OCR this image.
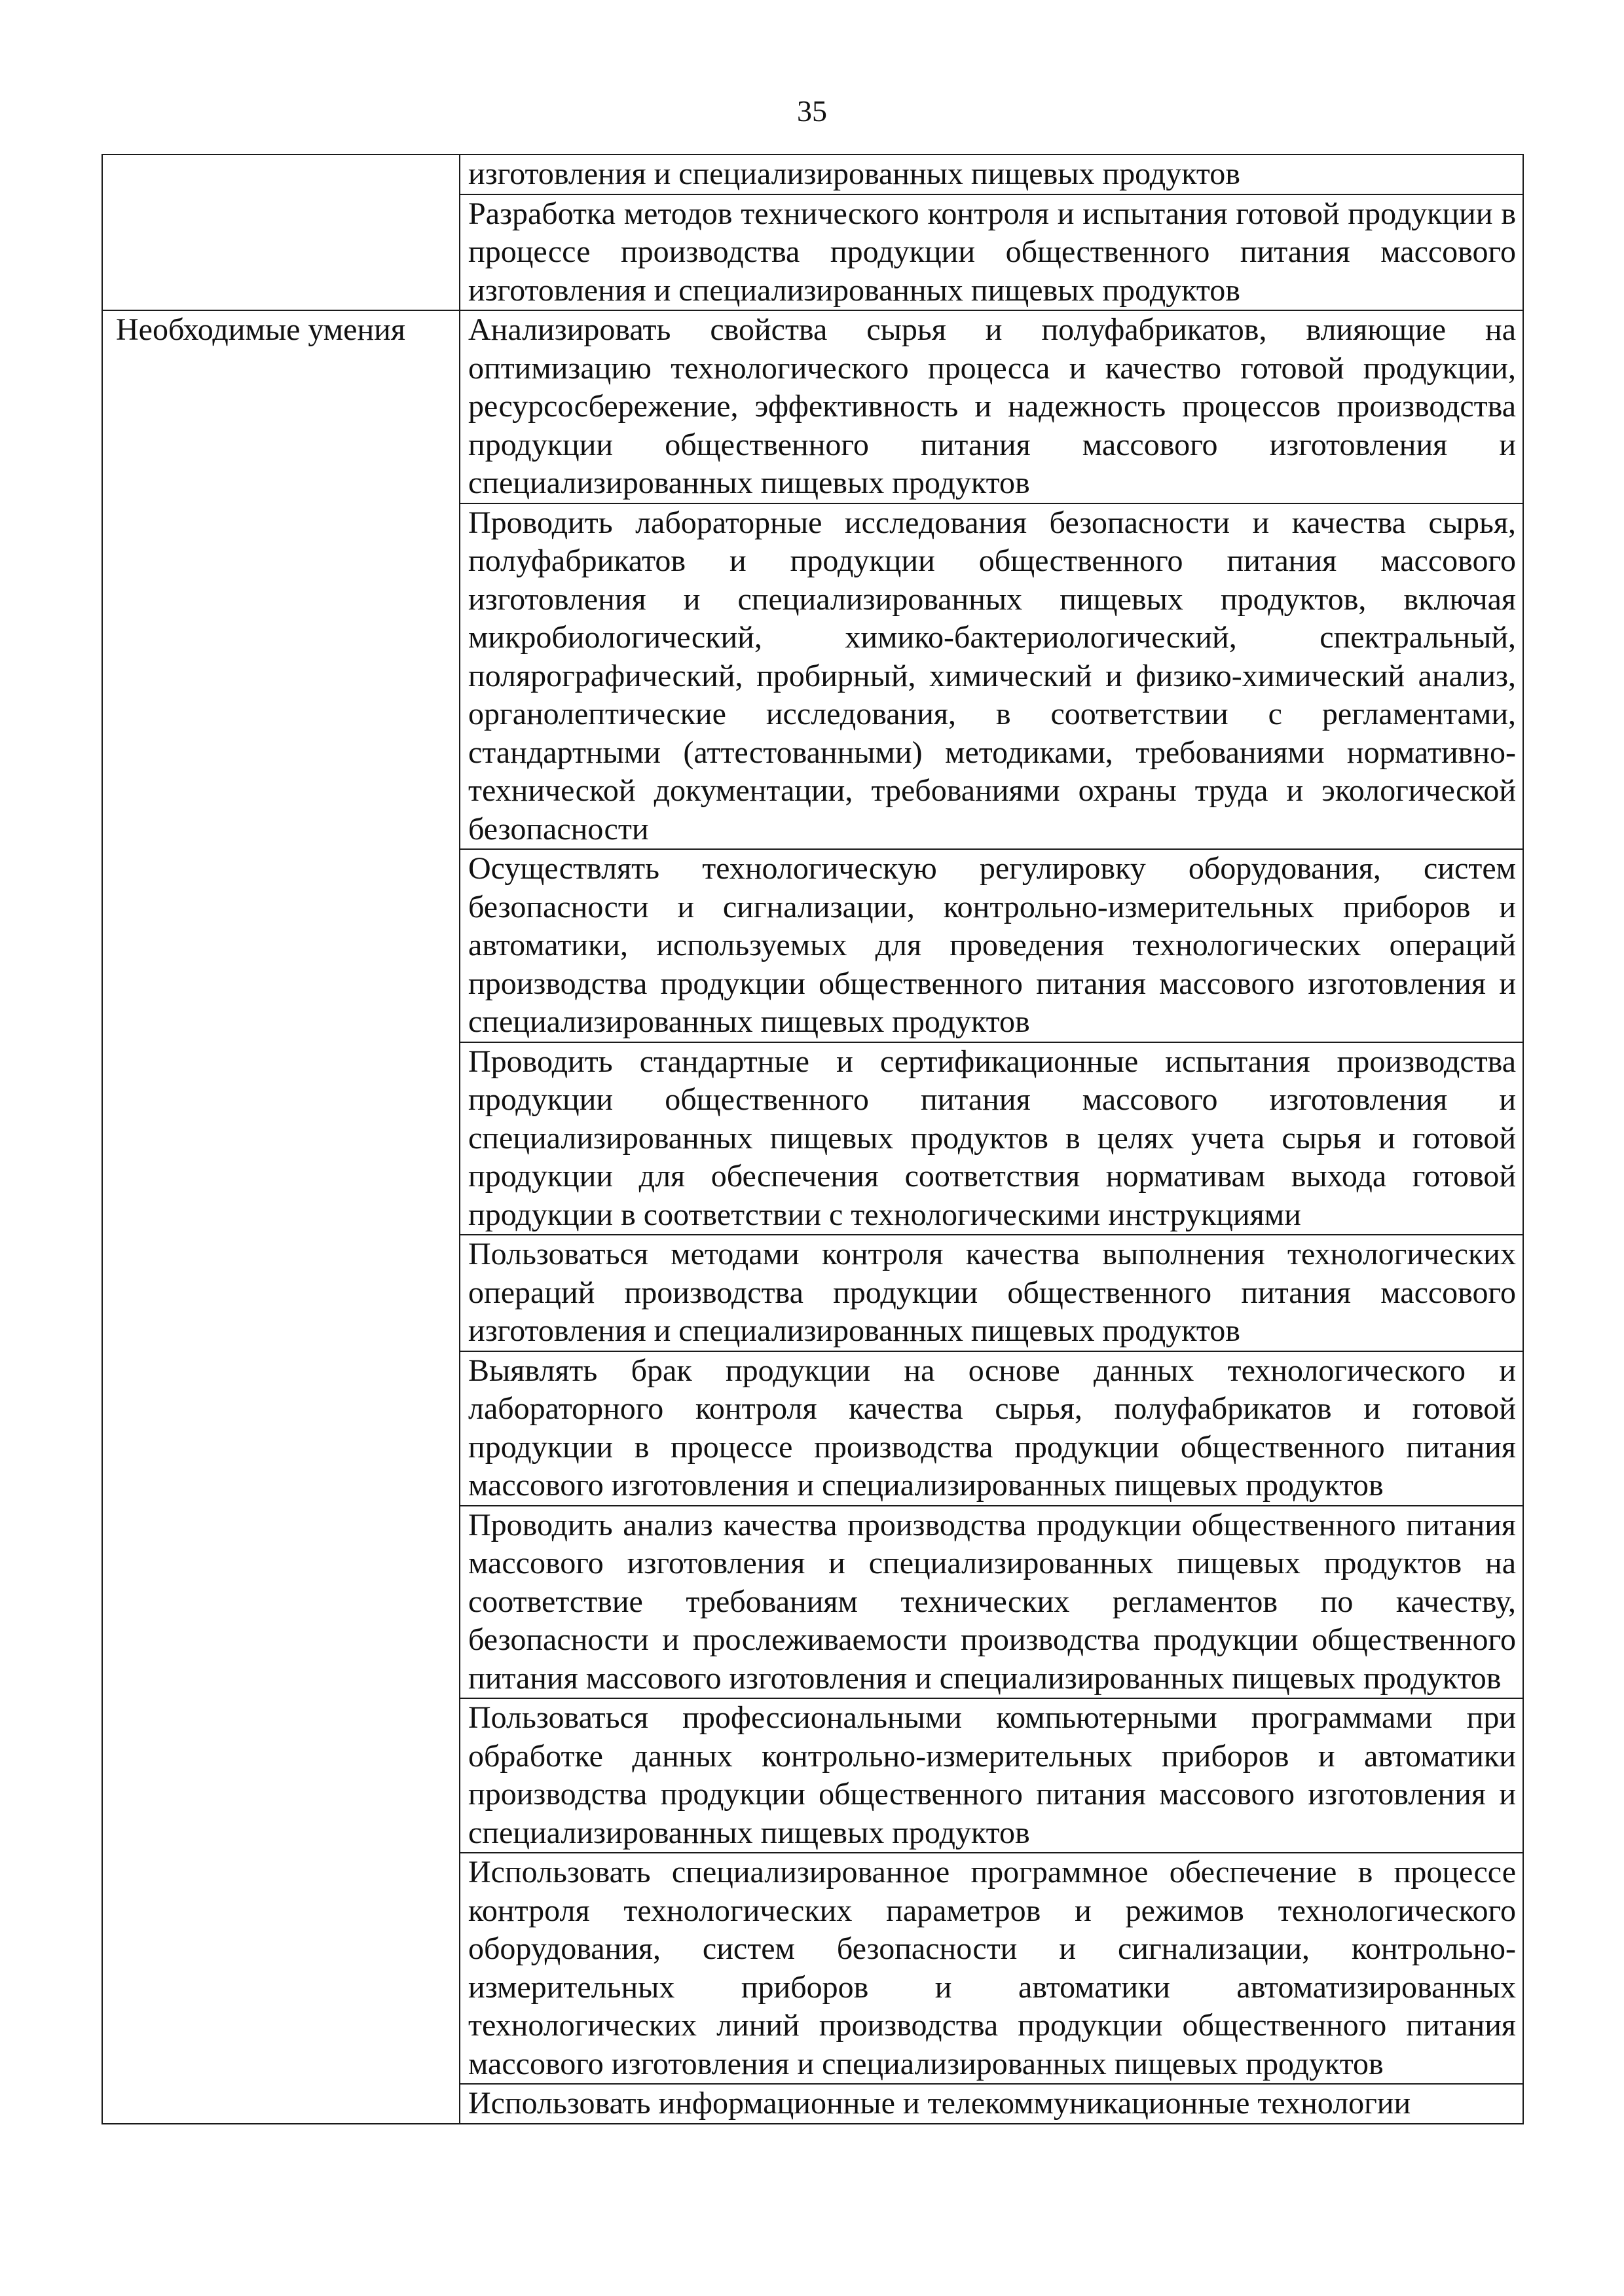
35
	изготовления и специализированных пищевых продуктов
	Разработка методов технического контроля и испытания готовой продукции в процессе производства продукции общественного питания массового изготовления и специализированных пищевых продуктов
Необходимые умения	Анализировать свойства сырья и полуфабрикатов, влияющие на оптимизацию технологического процесса и качество готовой продукции, ресурсосбережение, эффективность и надежность процессов производства продукции общественного питания массового изготовления и специализированных пищевых продуктов
	Проводить лабораторные исследования безопасности и качества сырья, полуфабрикатов и продукции общественного питания массового изготовления и специализированных пищевых продуктов, включая микробиологический, химико-бактериологический, спектральный, полярографический, пробирный, химический и физико-химический анализ, органолептические исследования, в соответствии с регламентами, стандартными (аттестованными) методиками, требованиями нормативно-технической документации, требованиями охраны труда и экологической безопасности
	Осуществлять технологическую регулировку оборудования, систем безопасности и сигнализации, контрольно-измерительных приборов и автоматики, используемых для проведения технологических операций производства продукции общественного питания массового изготовления и специализированных пищевых продуктов
	Проводить стандартные и сертификационные испытания производства продукции общественного питания массового изготовления и специализированных пищевых продуктов в целях учета сырья и готовой продукции для обеспечения соответствия нормативам выхода готовой продукции в соответствии с технологическими инструкциями
	Пользоваться методами контроля качества выполнения технологических операций производства продукции общественного питания массового изготовления и специализированных пищевых продуктов
	Выявлять брак продукции на основе данных технологического и лабораторного контроля качества сырья, полуфабрикатов и готовой продукции в процессе производства продукции общественного питания массового изготовления и специализированных пищевых продуктов
	Проводить анализ качества производства продукции общественного питания массового изготовления и специализированных пищевых продуктов на соответствие требованиям технических регламентов по качеству, безопасности и прослеживаемости производства продукции общественного питания массового изготовления и специализированных пищевых продуктов
	Пользоваться профессиональными компьютерными программами при обработке данных контрольно-измерительных приборов и автоматики производства продукции общественного питания массового изготовления и специализированных пищевых продуктов
	Использовать специализированное программное обеспечение в процессе контроля технологических параметров и режимов технологического оборудования, систем безопасности и сигнализации, контрольно-измерительных приборов и автоматики автоматизированных технологических линий производства продукции общественного питания массового изготовления и специализированных пищевых продуктов
	Использовать информационные и телекоммуникационные технологии
